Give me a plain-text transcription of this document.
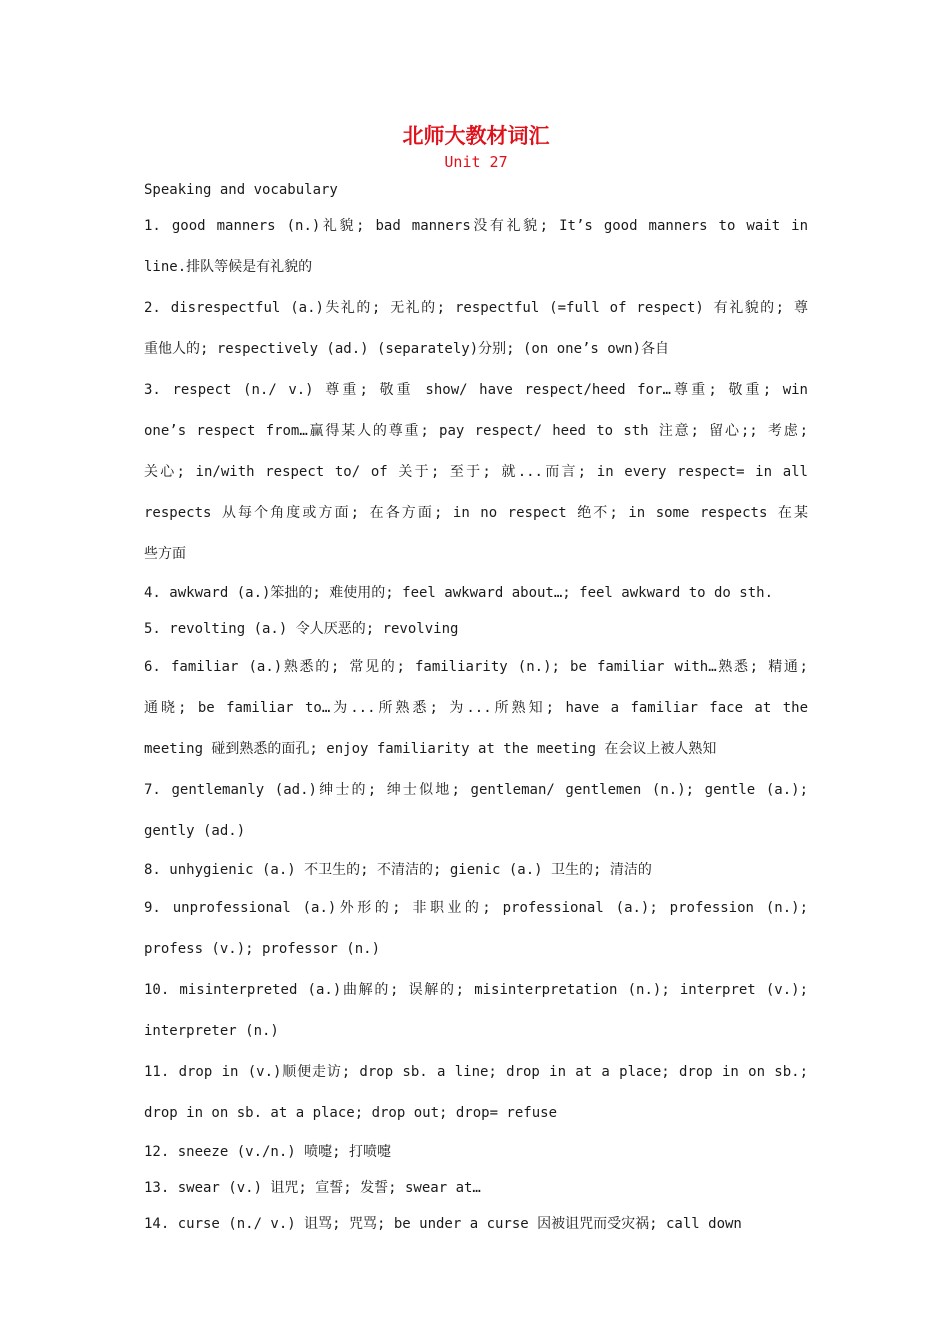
北师大教材词汇
Unit 27

Speaking and vocabulary

1. good manners (n.)礼貌; bad manners没有礼貌; It’s good manners to wait in
line.排队等候是有礼貌的

2. disrespectful (a.)失礼的; 无礼的; respectful (=full of respect) 有礼貌的; 尊
重他人的; respectively (ad.) (separately)分别; (on one’s own)各自

3. respect (n./ v.) 尊重; 敬重 show/ have respect/heed for…尊重; 敬重; win
one’s respect from…赢得某人的尊重; pay respect/ heed to sth 注意; 留心;; 考虑;
关心; in/with respect to/ of 关于; 至于; 就...而言; in every respect= in all
respects 从每个角度或方面; 在各方面; in no respect 绝不; in some respects 在某
些方面

4. awkward (a.)笨拙的; 难使用的; feel awkward about…; feel awkward to do sth.

5. revolting (a.) 令人厌恶的; revolving

6. familiar (a.)熟悉的; 常见的; familiarity (n.); be familiar with…熟悉; 精通;
通晓; be familiar to…为...所熟悉; 为...所熟知; have a familiar face at the
meeting 碰到熟悉的面孔; enjoy familiarity at the meeting 在会议上被人熟知

7. gentlemanly (ad.)绅士的; 绅士似地; gentleman/ gentlemen (n.); gentle (a.);
gently (ad.)

8. unhygienic (a.) 不卫生的; 不清洁的; gienic (a.) 卫生的; 清洁的

9. unprofessional (a.)外形的; 非职业的; professional (a.); profession (n.);
profess (v.); professor (n.)

10. misinterpreted (a.)曲解的; 误解的; misinterpretation (n.); interpret (v.);
interpreter (n.)

11. drop in (v.)顺便走访; drop sb. a line; drop in at a place; drop in on sb.;
drop in on sb. at a place; drop out; drop= refuse

12. sneeze (v./n.) 喷嚏; 打喷嚏

13. swear (v.) 诅咒; 宣誓; 发誓; swear at…

14. curse (n./ v.) 诅骂; 咒骂; be under a curse 因被诅咒而受灾祸; call down
